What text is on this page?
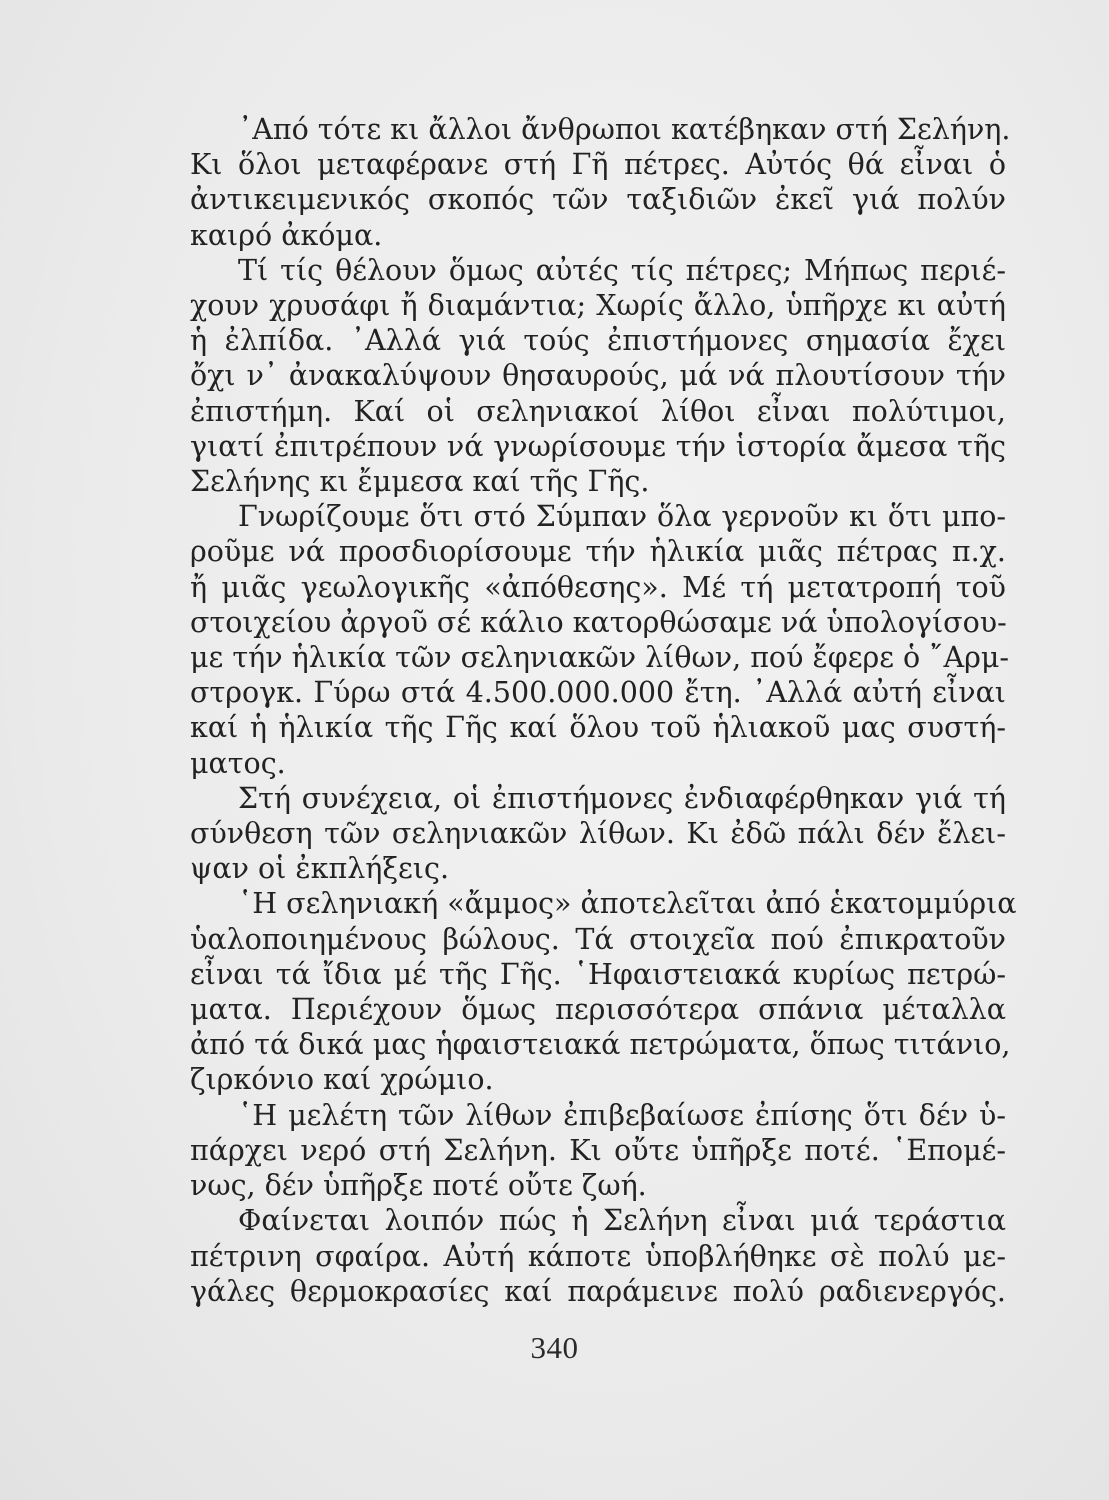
᾿Από τότε κι ἄλλοι ἄνθρωποι κατέβηκαν στή Σελήνη.
Κι ὅλοι μεταφέρανε στή Γῆ πέτρες. Αὐτός θά εἶναι ὁ
ἀντικειμενικός σκοπός τῶν ταξιδιῶν ἐκεῖ γιά πολύν
καιρό ἀκόμα.

Τί τίς θέλουν ὅμως αὐτές τίς πέτρες; Μήπως περιέ-
χουν χρυσάφι ἤ διαμάντια; Χωρίς ἄλλο, ὑπῆρχε κι αὐτή
ἡ ἐλπίδα. ᾿Αλλά γιά τούς ἐπιστήμονες σημασία ἔχει
ὄχι ν᾿ ἀνακαλύψουν θησαυρούς, μά νά πλουτίσουν τήν
ἐπιστήμη. Καί οἱ σεληνιακοί λίθοι εἶναι πολύτιμοι,
γιατί ἐπιτρέπουν νά γνωρίσουμε τήν ἱστορία ἄμεσα τῆς
Σελήνης κι ἔμμεσα καί τῆς Γῆς.

Γνωρίζουμε ὅτι στό Σύμπαν ὅλα γερνοῦν κι ὅτι μπο-
ροῦμε νά προσδιορίσουμε τήν ἡλικία μιᾶς πέτρας π.χ.
ἤ μιᾶς γεωλογικῆς «ἀπόθεσης». Μέ τή μετατροπή τοῦ
στοιχείου ἀργοῦ σέ κάλιο κατορθώσαμε νά ὑπολογίσου-
με τήν ἡλικία τῶν σεληνιακῶν λίθων, πού ἔφερε ὁ ῎Αρμ-
στρογκ. Γύρω στά 4.500.000.000 ἔτη. ᾿Αλλά αὐτή εἶναι
καί ἡ ἡλικία τῆς Γῆς καί ὅλου τοῦ ἡλιακοῦ μας συστή-
ματος.

Στή συνέχεια, οἱ ἐπιστήμονες ἐνδιαφέρθηκαν γιά τή
σύνθεση τῶν σεληνιακῶν λίθων. Κι ἐδῶ πάλι δέν ἔλει-
ψαν οἱ ἐκπλήξεις.

῾Η σεληνιακή «ἄμμος» ἀποτελεῖται ἀπό ἑκατομμύρια
ὑαλοποιημένους βώλους. Τά στοιχεῖα πού ἐπικρατοῦν
εἶναι τά ἴδια μέ τῆς Γῆς. ῾Ηφαιστειακά κυρίως πετρώ-
ματα. Περιέχουν ὅμως περισσότερα σπάνια μέταλλα
ἀπό τά δικά μας ἡφαιστειακά πετρώματα, ὅπως τιτάνιο,
ζιρκόνιο καί χρώμιο.

῾Η μελέτη τῶν λίθων ἐπιβεβαίωσε ἐπίσης ὅτι δέν ὑ-
πάρχει νερό στή Σελήνη. Κι οὔτε ὑπῆρξε ποτέ. ῾Επομέ-
νως, δέν ὑπῆρξε ποτέ οὔτε ζωή.

Φαίνεται λοιπόν πώς ἡ Σελήνη εἶναι μιά τεράστια
πέτρινη σφαίρα. Αὐτή κάποτε ὑποβλήθηκε σὲ πολύ με-
γάλες θερμοκρασίες καί παράμεινε πολύ ραδιενεργός.

340
